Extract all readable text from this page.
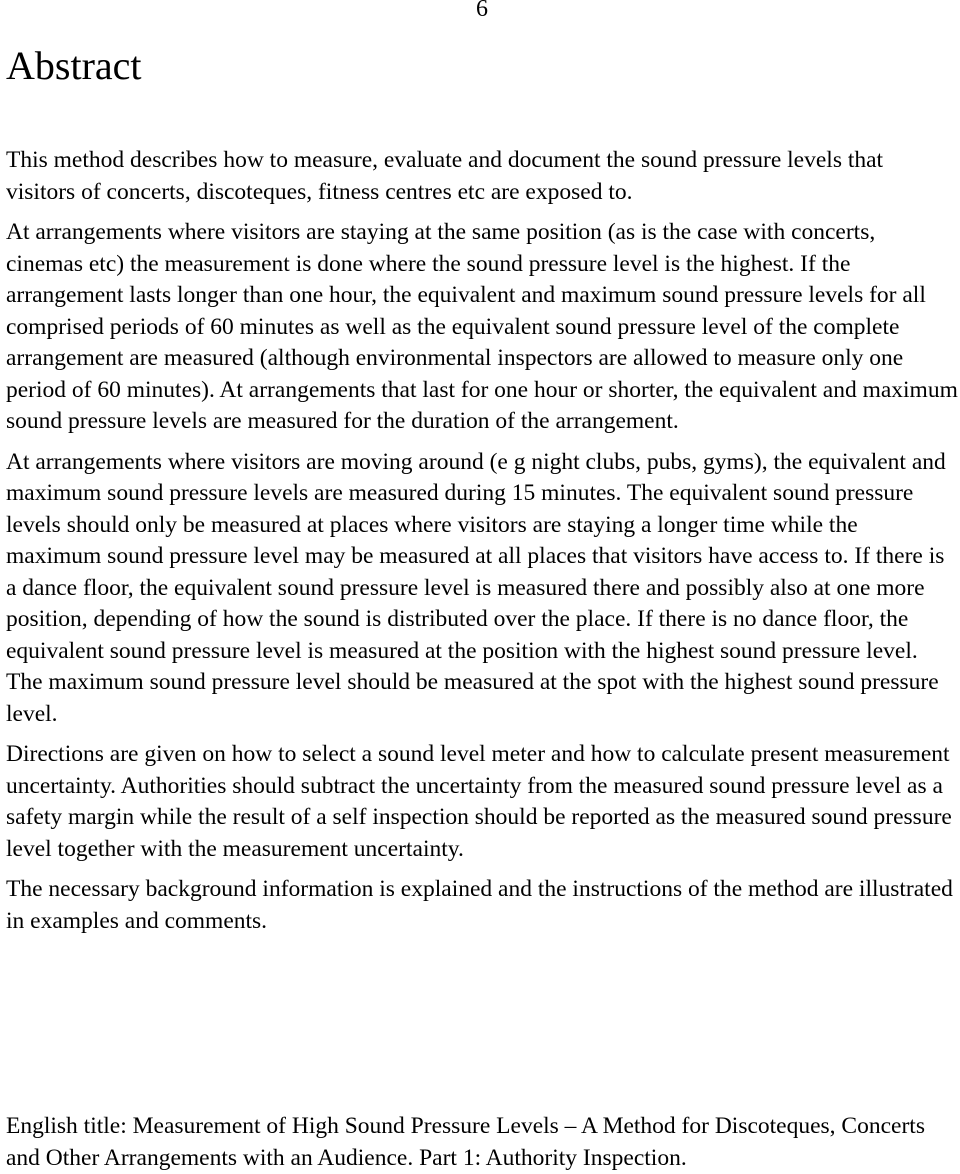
6
Abstract

This method describes how to measure, evaluate and document the sound pressure levels that visitors of concerts, discoteques, fitness centres etc are exposed to.

At arrangements where visitors are staying at the same position (as is the case with concerts, cinemas etc) the measurement is done where the sound pressure level is the highest. If the arrangement lasts longer than one hour, the equivalent and maximum sound pressure levels for all comprised periods of 60 minutes as well as the equivalent sound pressure level of the complete arrangement are measured (although environmental inspectors are allowed to measure only one period of 60 minutes). At arrangements that last for one hour or shorter, the equivalent and maximum sound pressure levels are measured for the duration of the arrangement.

At arrangements where visitors are moving around (e g night clubs, pubs, gyms), the equivalent and maximum sound pressure levels are measured during 15 minutes. The equivalent sound pressure levels should only be measured at places where visitors are staying a longer time while the maximum sound pressure level may be measured at all places that visitors have access to. If there is a dance floor, the equivalent sound pressure level is measured there and possibly also at one more position, depending of how the sound is distributed over the place. If there is no dance floor, the equivalent sound pressure level is measured at the position with the highest sound pressure level. The maximum sound pressure level should be measured at the spot with the highest sound pressure level.

Directions are given on how to select a sound level meter and how to calculate present measurement uncertainty. Authorities should subtract the uncertainty from the measured sound pressure level as a safety margin while the result of a self inspection should be reported as the measured sound pressure level together with the measurement uncertainty.

The necessary background information is explained and the instructions of the method are illustrated in examples and comments.

English title: Measurement of High Sound Pressure Levels – A Method for Discoteques, Concerts and Other Arrangements with an Audience. Part 1: Authority Inspection.
